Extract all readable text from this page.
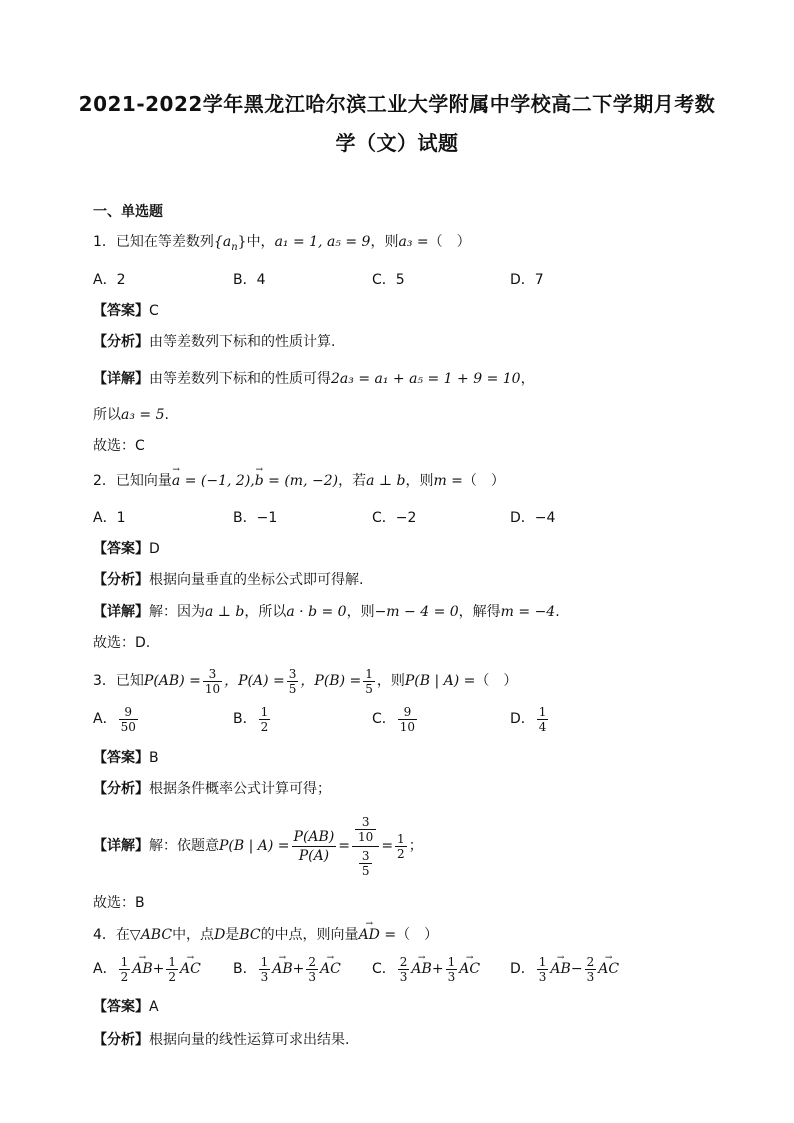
2021-2022学年黑龙江哈尔滨工业大学附属中学校高二下学期月考数
学（文）试题
一、单选题
1．已知在等差数列$\{a_n\}$中，a₁ = 1, a₅ = 9，则a₃ =（　）
A．2	B．4	C．5	D．7
【答案】C
【分析】由等差数列下标和的性质计算.
【详解】由等差数列下标和的性质可得2a₃ = a₁ + a₅ = 1 + 9 = 10，
所以a₃ = 5.
故选：C
2．已知向量→ a = (−1, 2),→ b = (m, −2)，若a ⊥ b，则m =（　）
A．1	B．−1	C．−2	D．−4
【答案】D
【分析】根据向量垂直的坐标公式即可得解.
【详解】解：因为a ⊥ b，所以a · b = 0，则−m − 4 = 0，解得m = −4.
故选：D.
3．已知$P(AB) = \frac{3}{10}$ ，$P(A) = \frac{3}{5}$ ，$P(B) = \frac{1}{5}$ ，则P(B | A) =（　）
A． $\frac{9}{50}$	B． $\frac{1}{2}$	C． $\frac{9}{10}$	D． $\frac{1}{4}$
【答案】B
【分析】根据条件概率公式计算可得；
【详解】解：依题意P(B | $A) = \frac{P(AB)}{P(A)} = \frac{\frac{3}{10}}{\frac{3}{5}} = \frac{1}{2}$ ；
故选：B
4．在▽ABC中，点D是BC的中点，则向量→ AD =（　）
A． $\frac{1}{2}$
→ $AB+ \frac{1}{2}$
→ AC B． $\frac{1}{3}$
→ $AB+ \frac{2}{3}$
→ AC C． $\frac{2}{3}$
→ $AB+ \frac{1}{3}$
→ AC D． $\frac{1}{3}$
→ $AB- \frac{2}{3}$
→ AC
【答案】A
【分析】根据向量的线性运算可求出结果.
